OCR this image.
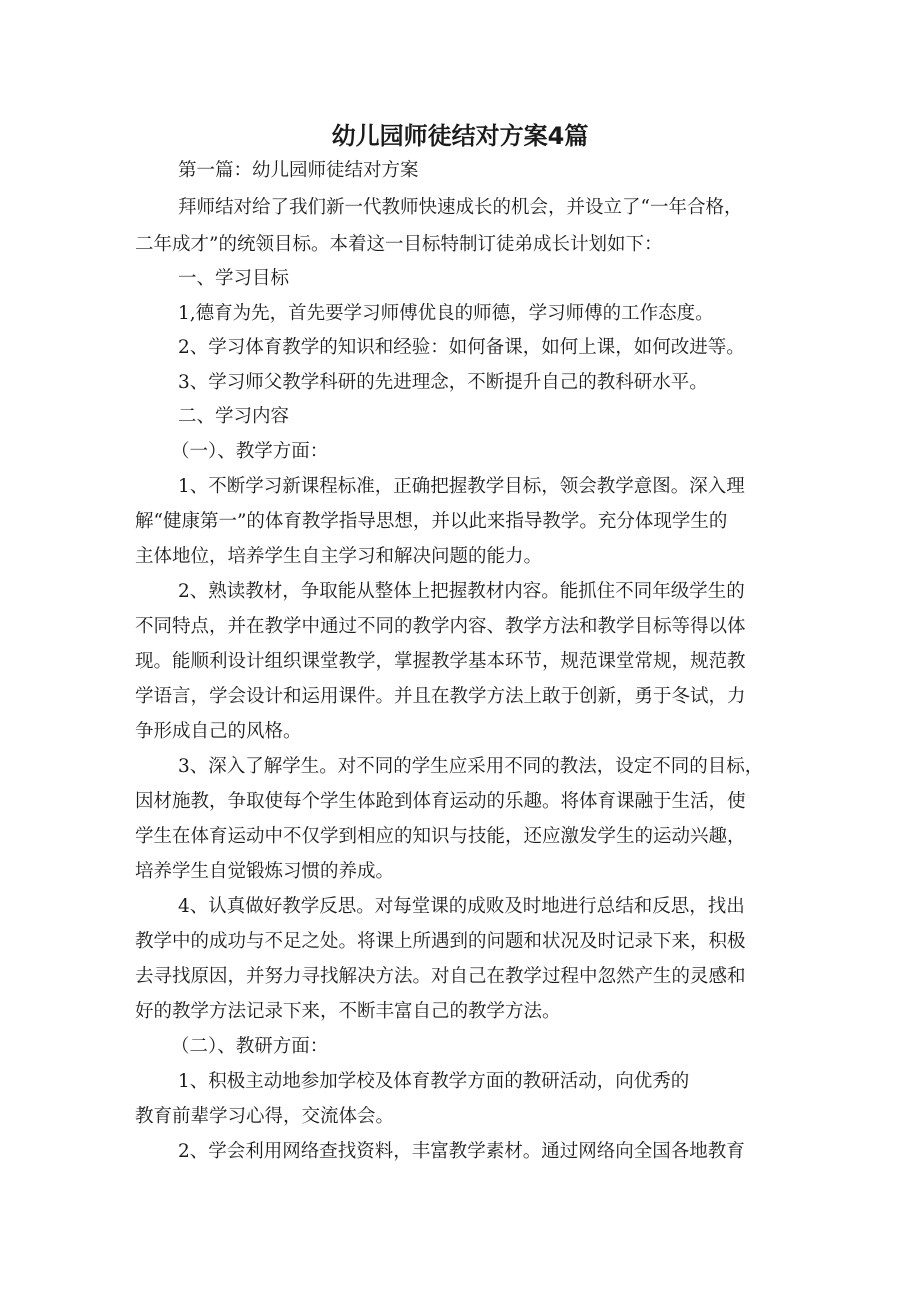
幼儿园师徒结对方案4篇
第一篇：幼儿园师徒结对方案
拜师结对给了我们新一代教师快速成长的机会，并设立了“一年合格，
二年成才”的统领目标。本着这一目标特制订徒弟成长计划如下：
一、学习目标
1,德育为先，首先要学习师傅优良的师德，学习师傅的工作态度。
2、学习体育教学的知识和经验：如何备课，如何上课，如何改进等。
3、学习师父教学科研的先进理念，不断提升自己的教科研水平。
二、学习内容
（一）、教学方面：
1、不断学习新课程标准，正确把握教学目标，领会教学意图。深入理
解“健康第一”的体育教学指导思想，并以此来指导教学。充分体现学生的
主体地位，培养学生自主学习和解决问题的能力。
2、熟读教材，争取能从整体上把握教材内容。能抓住不同年级学生的
不同特点，并在教学中通过不同的教学内容、教学方法和教学目标等得以体
现。能顺利设计组织课堂教学，掌握教学基本环节，规范课堂常规，规范教
学语言，学会设计和运用课件。并且在教学方法上敢于创新，勇于冬试，力
争形成自己的风格。
3、深入了解学生。对不同的学生应采用不同的教法，设定不同的目标，
因材施教，争取使每个学生体跄到体育运动的乐趣。将体育课融于生活，使
学生在体育运动中不仅学到相应的知识与技能，还应激发学生的运动兴趣，
培养学生自觉锻炼习惯的养成。
4、认真做好教学反思。对每堂课的成败及时地进行总结和反思，找出
教学中的成功与不足之处。将课上所遇到的问题和状况及时记录下来，积极
去寻找原因，并努力寻找解决方法。对自己在教学过程中忽然产生的灵感和
好的教学方法记录下来，不断丰富自己的教学方法。
（二）、教研方面：
1、积极主动地参加学校及体育教学方面的教研活动，向优秀的
教育前辈学习心得，交流体会。
2、学会利用网络查找资料，丰富教学素材。通过网络向全国各地教育
